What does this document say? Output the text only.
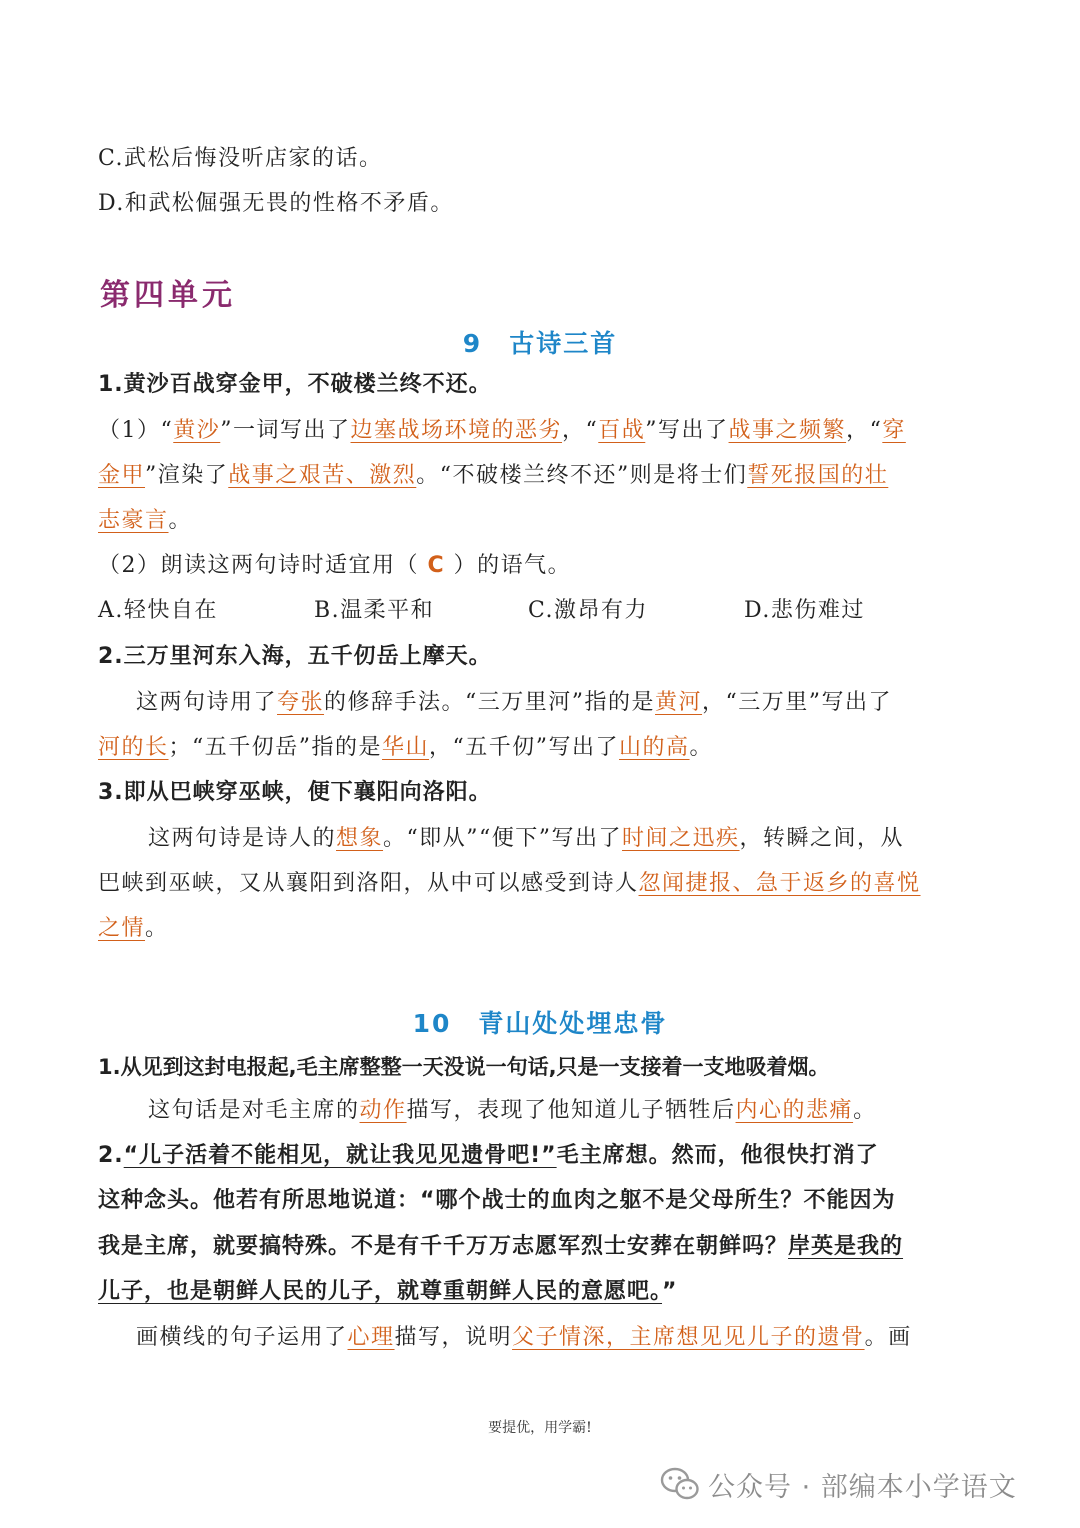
C.武松后悔没听店家的话。
D.和武松倔强无畏的性格不矛盾。
第四单元
9　古诗三首
1.黄沙百战穿金甲，不破楼兰终不还。
（1）“黄沙”一词写出了边塞战场环境的恶劣，“百战”写出了战事之频繁，“穿
金甲”渲染了战事之艰苦、激烈。“不破楼兰终不还”则是将士们誓死报国的壮
志豪言。
（2）朗读这两句诗时适宜用（ C ）的语气。
A.轻快自在	B.温柔平和	C.激昂有力	D.悲伤难过
2.三万里河东入海，五千仞岳上摩天。
这两句诗用了夸张的修辞手法。“三万里河”指的是黄河，“三万里”写出了
河的长；“五千仞岳”指的是华山，“五千仞”写出了山的高。
3.即从巴峡穿巫峡，便下襄阳向洛阳。
这两句诗是诗人的想象。“即从”“便下”写出了时间之迅疾，转瞬之间，从
巴峡到巫峡，又从襄阳到洛阳，从中可以感受到诗人忽闻捷报、急于返乡的喜悦
之情。
10　青山处处埋忠骨
1.从见到这封电报起,毛主席整整一天没说一句话,只是一支接着一支地吸着烟。
这句话是对毛主席的动作描写，表现了他知道儿子牺牲后内心的悲痛。
2.“儿子活着不能相见，就让我见见遗骨吧!”毛主席想。然而，他很快打消了
这种念头。他若有所思地说道：“哪个战士的血肉之躯不是父母所生？不能因为
我是主席，就要搞特殊。不是有千千万万志愿军烈士安葬在朝鲜吗？岸英是我的
儿子，也是朝鲜人民的儿子，就尊重朝鲜人民的意愿吧。”
画横线的句子运用了心理描写，说明父子情深，主席想见见儿子的遗骨。画
要提优，用学霸!
公众号 · 部编本小学语文
